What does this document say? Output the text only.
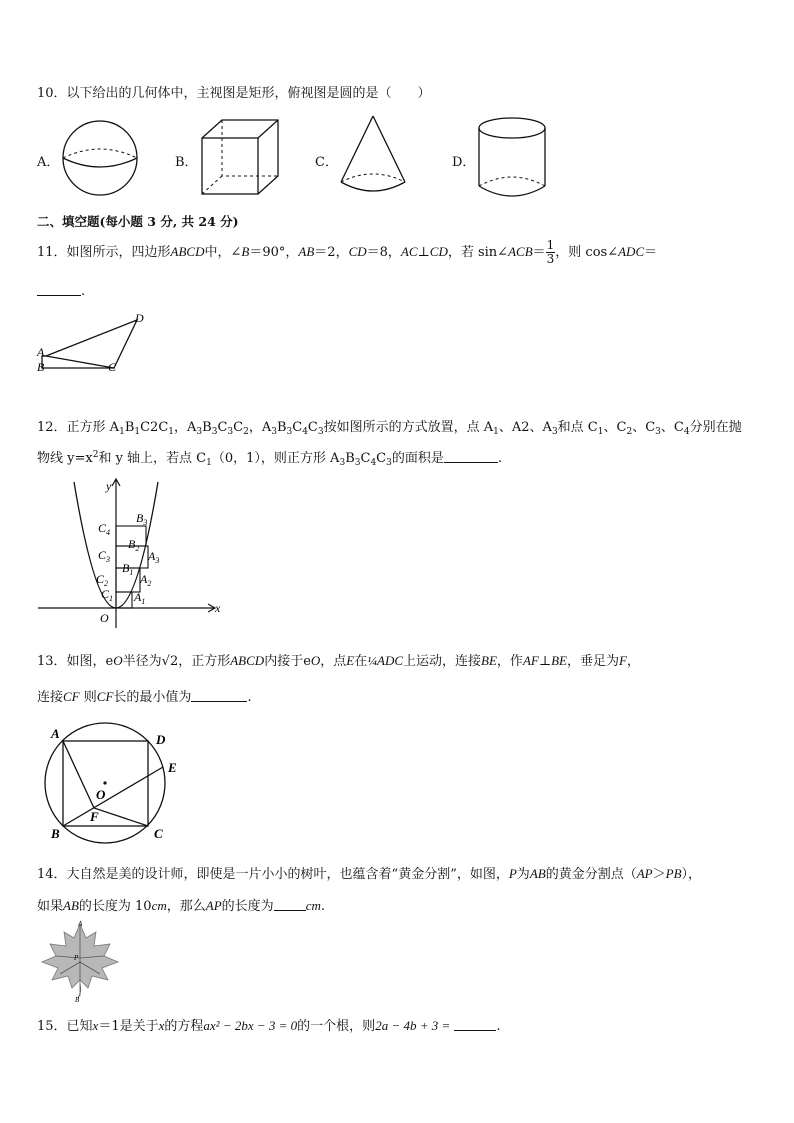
10．以下给出的几何体中，主视图是矩形，俯视图是圆的是（　　）
A．	B．	C．	D．
二、填空题(每小题 3 分, 共 24 分)
11．如图所示，四边形ABCD中，∠B＝90°，AB＝2，CD＝8，AC⊥CD，若 sin∠ACB＝ $\frac{1}{3}$ ，则 cos∠ADC＝
.
A
B	C
D
12．正方形 $A_1B_1C2C_1$，$A_3B_3C_3C_2$，$A_3B_3C_4C_3$按如图所示的方式放置，点 $A_1$、A2、$A_3$和点 $C_1$、$C_2$、$C_3$、$C_4$分别在抛
物线 $y=x^2$和 y 轴上，若点 $C_1(0$，1），则正方形 $A_3B_3C_4C_3$的面积是	.
y
x
O
$C_4$
$C_3$
$C_2$
$C_1$
$B_3$
$B_2$
$B_1$
$A_3$
$A_2$
$A_1$
13．如图，eO半径为√2，正方形ABCD内接于eO，点E在¼ADC上运动，连接BE，作AF⊥BE，垂足为F，
连接CF 则CF长的最小值为	.
A	D
E
O
F
B	C
14．大自然是美的设计师，即使是一片小小的树叶，也蕴含着“黄金分割”，如图，P为AB的黄金分割点（AP＞PB），
如果AB的长度为 10cm，那么AP的长度为 cm.
A
P
B
15．已知x＝1是关于x的方程ax² − 2bx − 3 = 0的一个根，则2a − 4b + 3 =	.
